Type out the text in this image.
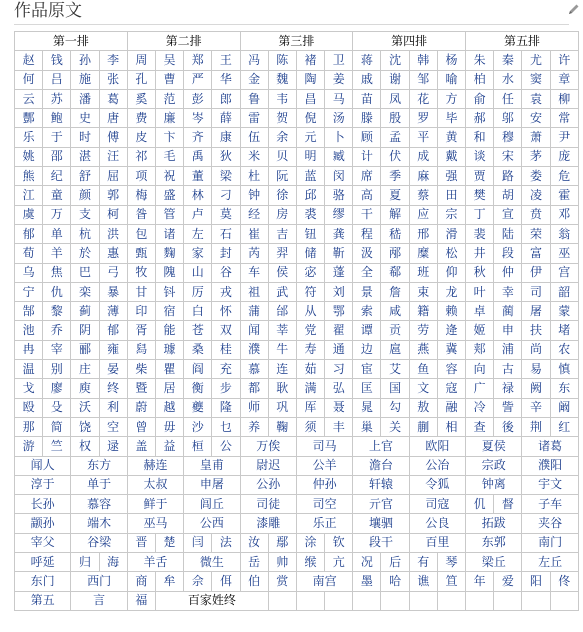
作品原文
第一排				第二排				第三排				第四排				第五排			
赵	钱	孙	李	周	吴	郑	王	冯	陈	褚	卫	蒋	沈	韩	杨	朱	秦	尤	许
何	吕	施	张	孔	曹	严	华	金	魏	陶	姜	戚	谢	邹	喻	柏	水	窦	章
云	苏	潘	葛	奚	范	彭	郎	鲁	韦	昌	马	苗	凤	花	方	俞	任	袁	柳
酆	鲍	史	唐	费	廉	岑	薛	雷	贺	倪	汤	滕	殷	罗	毕	郝	邬	安	常
乐	于	时	傅	皮	卞	齐	康	伍	余	元	卜	顾	孟	平	黄	和	穆	萧	尹
姚	邵	湛	汪	祁	毛	禹	狄	米	贝	明	臧	计	伏	成	戴	谈	宋	茅	庞
熊	纪	舒	屈	项	祝	董	梁	杜	阮	蓝	闵	席	季	麻	强	贾	路	娄	危
江	童	颜	郭	梅	盛	林	刁	钟	徐	邱	骆	高	夏	蔡	田	樊	胡	凌	霍
虞	万	支	柯	昝	管	卢	莫	经	房	裘	缪	干	解	应	宗	丁	宣	贲	邓
郁	单	杭	洪	包	诸	左	石	崔	吉	钮	龚	程	嵇	邢	滑	裴	陆	荣	翁
荀	羊	於	惠	甄	麴	家	封	芮	羿	储	靳	汲	邴	糜	松	井	段	富	巫
乌	焦	巴	弓	牧	隗	山	谷	车	侯	宓	蓬	全	郗	班	仰	秋	仲	伊	宫
宁	仇	栾	暴	甘	钭	厉	戎	祖	武	符	刘	景	詹	束	龙	叶	幸	司	韶
郜	黎	蓟	薄	印	宿	白	怀	蒲	邰	从	鄂	索	咸	籍	赖	卓	蔺	屠	蒙
池	乔	阴	郁	胥	能	苍	双	闻	莘	党	翟	谭	贡	劳	逄	姬	申	扶	堵
冉	宰	郦	雍	舄	璩	桑	桂	濮	牛	寿	通	边	扈	燕	冀	郏	浦	尚	农
温	别	庄	晏	柴	瞿	阎	充	慕	连	茹	习	宦	艾	鱼	容	向	古	易	慎
戈	廖	庾	终	暨	居	衡	步	都	耿	满	弘	匡	国	文	寇	广	禄	阙	东
殴	殳	沃	利	蔚	越	夔	隆	师	巩	厍	聂	晁	勾	敖	融	冷	訾	辛	阚
那	简	饶	空	曾	毋	沙	乜	养	鞠	须	丰	巢	关	蒯	相	查	後	荆	红
游	竺	权	逯	盖	益	桓	公	万俟		司马		上官		欧阳		夏侯		诸葛	
闻人		东方		赫连		皇甫		尉迟		公羊		澹台		公冶		宗政		濮阳	
淳于		单于		太叔		申屠		公孙		仲孙		轩辕		令狐		钟离		宇文	
长孙		慕容		鲜于		闾丘		司徒		司空		亓官		司寇		仉	督	子车	
颛孙		端木		巫马		公西		漆雕		乐正		壤驷		公良		拓跋		夹谷	
宰父		谷梁		晋	楚	闫	法	汝	鄢	涂	钦	段干		百里		东郭		南门	
呼延		归	海	羊舌		微生		岳	帅	缑	亢	况	后	有	琴	梁丘		左丘	
东门		西门		商	牟	佘	佴	伯	赏	南宫		墨	哈	谯	笪	年	爱	阳	佟
第五		言		福	百家姓终														
